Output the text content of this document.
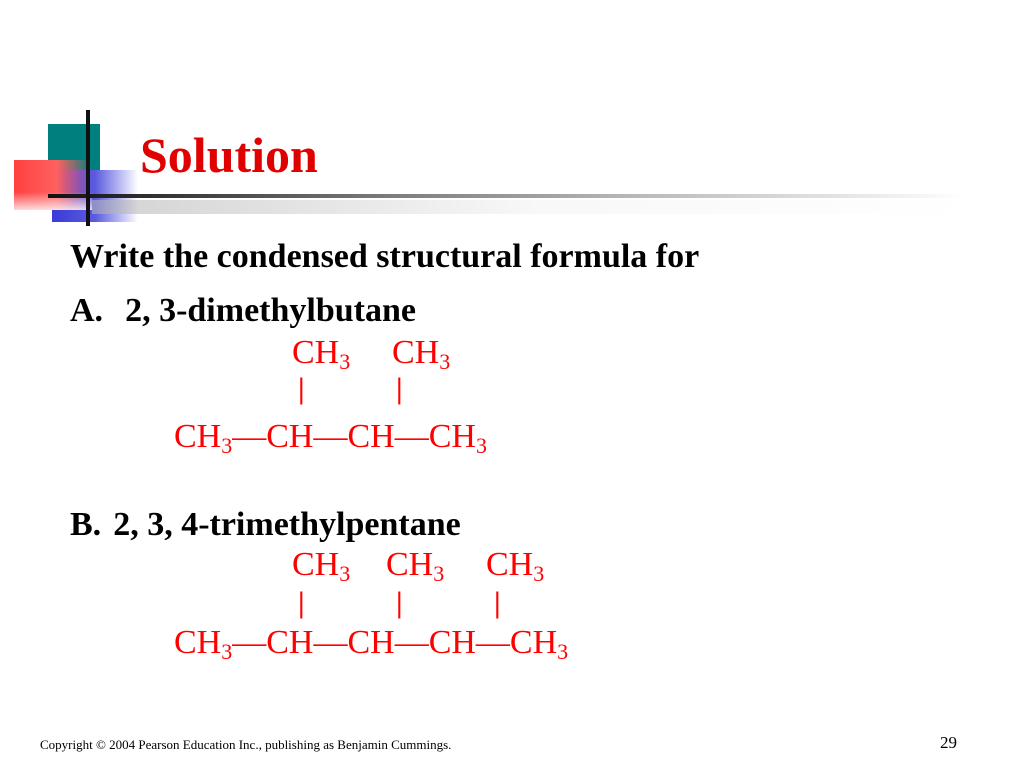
Solution
Write the condensed structural formula for
A. 2, 3-dimethylbutane
$CH_3$ $CH_3$
|	|
$CH_3—CH—CH—CH_3$
B. 2, 3, 4-trimethylpentane
$CH_3$ $CH_3$ $CH_3$
|	|	|
$CH_3—CH—CH—CH—CH_3$
Copyright © 2004 Pearson Education Inc., publishing as Benjamin Cummings.	29
